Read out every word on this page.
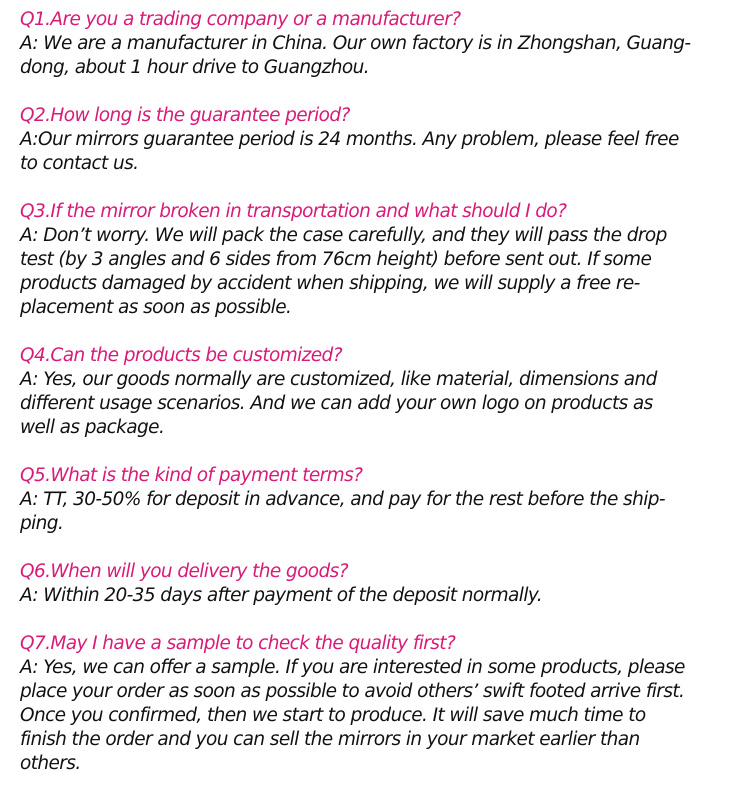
Q1.Are you a trading company or a manufacturer?
A: We are a manufacturer in China. Our own factory is in Zhongshan, Guang-
dong, about 1 hour drive to Guangzhou.
Q2.How long is the guarantee period?
A:Our mirrors guarantee period is 24 months. Any problem, please feel free
to contact us.
Q3.If the mirror broken in transportation and what should I do?
A: Don’t worry. We will pack the case carefully, and they will pass the drop
test (by 3 angles and 6 sides from 76cm height) before sent out. If some
products damaged by accident when shipping, we will supply a free re-
placement as soon as possible.
Q4.Can the products be customized?
A: Yes, our goods normally are customized, like material, dimensions and
different usage scenarios. And we can add your own logo on products as
well as package.
Q5.What is the kind of payment terms?
A: TT, 30-50% for deposit in advance, and pay for the rest before the ship-
ping.
Q6.When will you delivery the goods?
A: Within 20-35 days after payment of the deposit normally.
Q7.May I have a sample to check the quality first?
A: Yes, we can offer a sample. If you are interested in some products, please
place your order as soon as possible to avoid others’ swift footed arrive first.
Once you confirmed, then we start to produce. It will save much time to
finish the order and you can sell the mirrors in your market earlier than
others.
